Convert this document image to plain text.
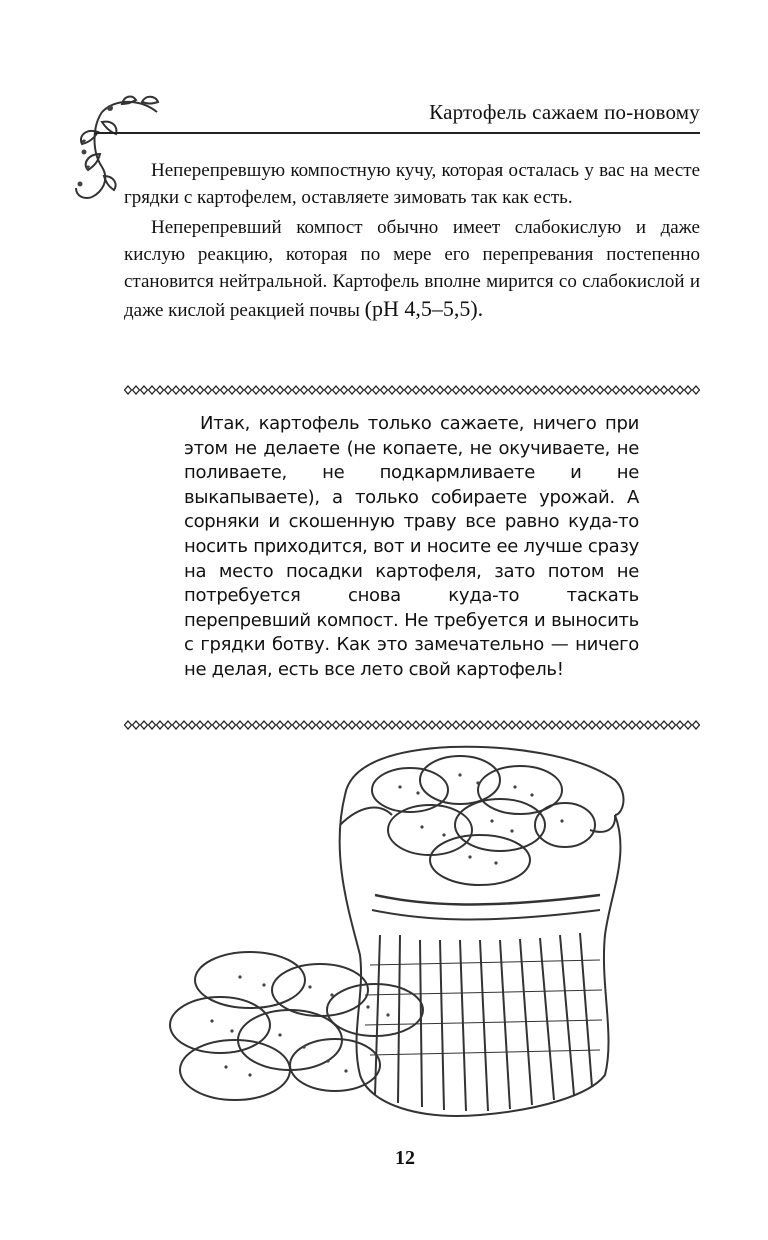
Картофель сажаем по-новому

Неперепревшую компостную кучу, которая осталась у вас на месте грядки с картофелем, оставляете зимовать так как есть.

Неперепревший компост обычно имеет слабокислую и даже кислую реакцию, которая по мере его перепревания постепенно становится нейтральной. Картофель вполне мирится со слабокислой и даже кислой реакцией почвы (рН 4,5–5,5).

Итак, картофель только сажаете, ничего при этом не делаете (не копаете, не окучиваете, не поливаете, не подкармливаете и не выкапываете), а только собираете урожай. А сорняки и скошенную траву все равно куда-то носить приходится, вот и носите ее лучше сразу на место посадки картофеля, зато потом не потребуется снова куда-то таскать перепревший компост. Не требуется и выносить с грядки ботву. Как это замечательно — ничего не делая, есть все лето свой картофель!

12
